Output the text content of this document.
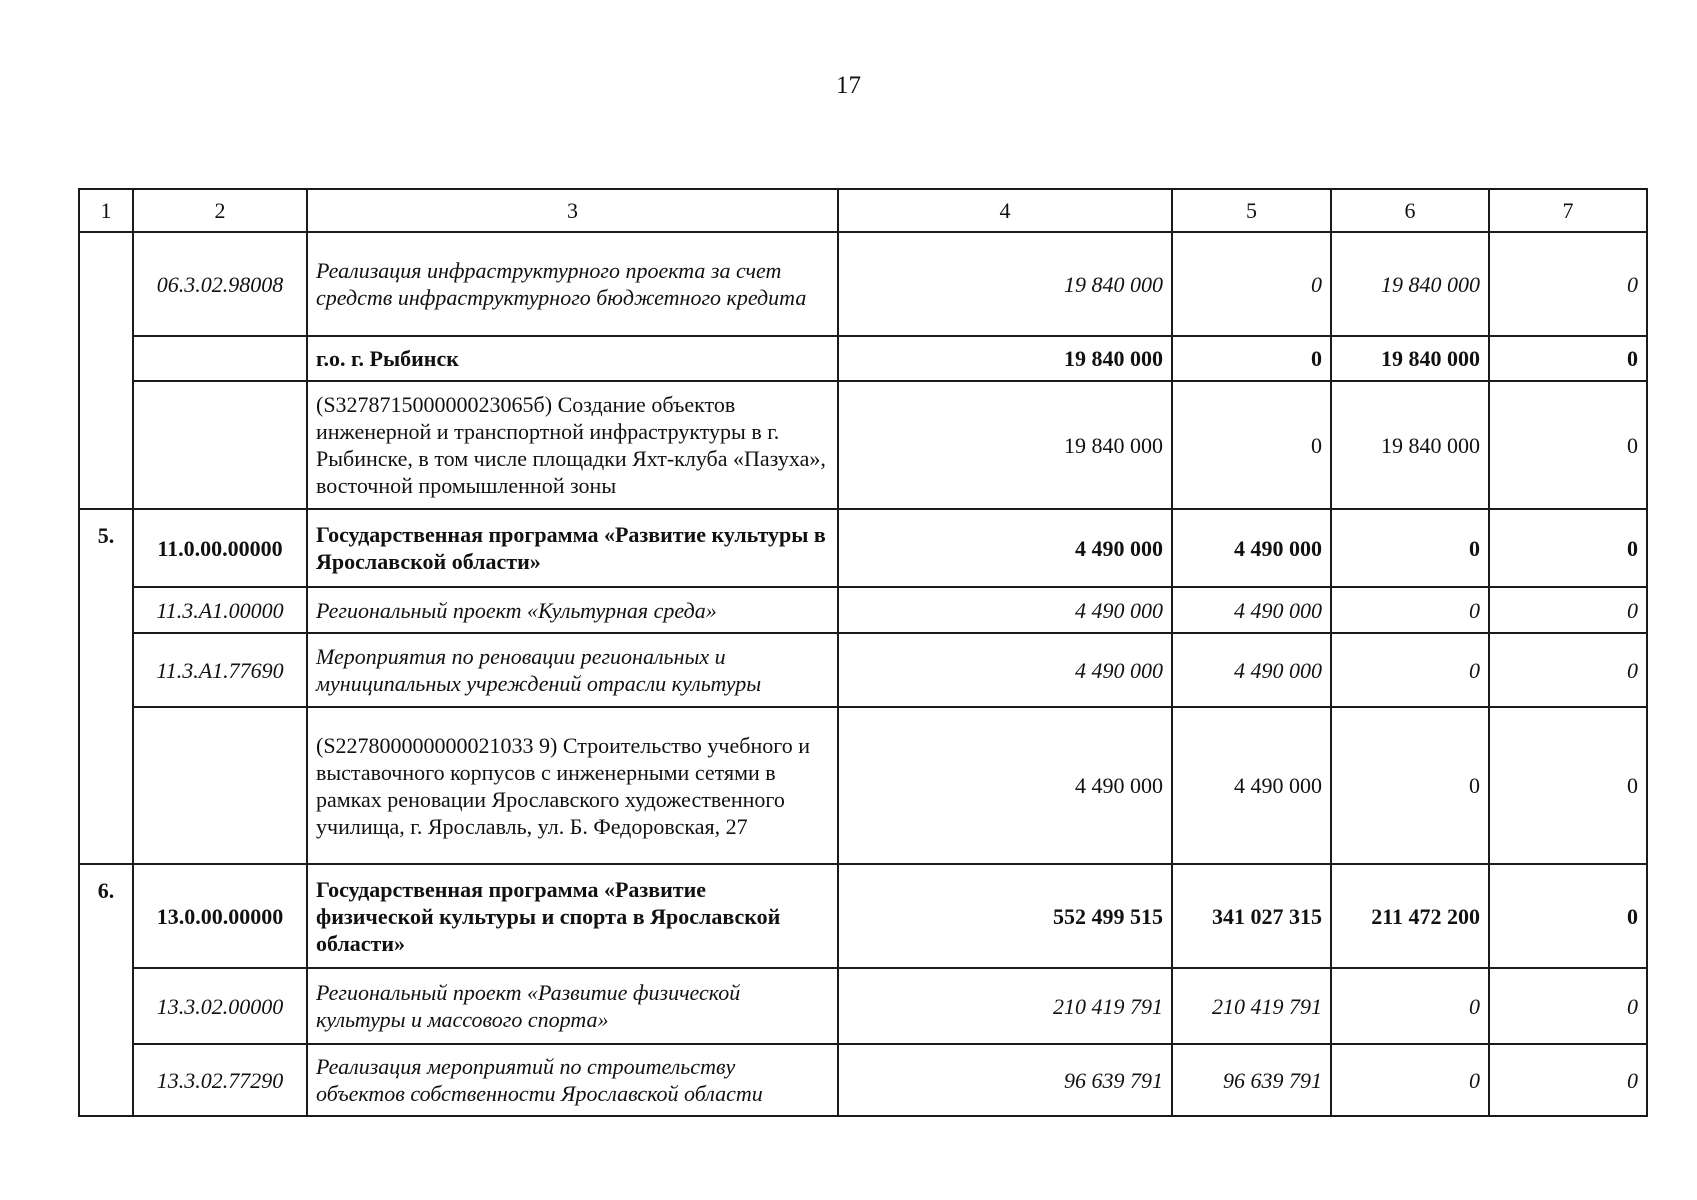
17
1	2	3	4	5	6	7
	06.3.02.98008	Реализация инфраструктурного проекта за счет средств инфраструктурного бюджетного кредита	19 840 000	0	19 840 000	0
		г.о. г. Рыбинск	19 840 000	0	19 840 000	0
		(S327871500000023065б) Создание объектов инженерной и транспортной инфраструктуры в г. Рыбинске, в том числе площадки Яхт-клуба «Пазуха», восточной промышленной зоны	19 840 000	0	19 840 000	0
5.	11.0.00.00000	Государственная программа «Развитие культуры в Ярославской области»	4 490 000	4 490 000	0	0
	11.3.A1.00000	Региональный проект «Культурная среда»	4 490 000	4 490 000	0	0
	11.3.A1.77690	Мероприятия по реновации региональных и муниципальных учреждений отрасли культуры	4 490 000	4 490 000	0	0
		(S227800000000021033 9) Строительство учебного и выставочного корпусов с инженерными сетями в рамках реновации Ярославского художественного училища, г. Ярославль, ул. Б. Федоровская, 27	4 490 000	4 490 000	0	0
6.	13.0.00.00000	Государственная программа «Развитие физической культуры и спорта в Ярославской области»	552 499 515	341 027 315	211 472 200	0
	13.3.02.00000	Региональный проект «Развитие физической культуры и массового спорта»	210 419 791	210 419 791	0	0
	13.3.02.77290	Реализация мероприятий по строительству объектов собственности Ярославской области	96 639 791	96 639 791	0	0
